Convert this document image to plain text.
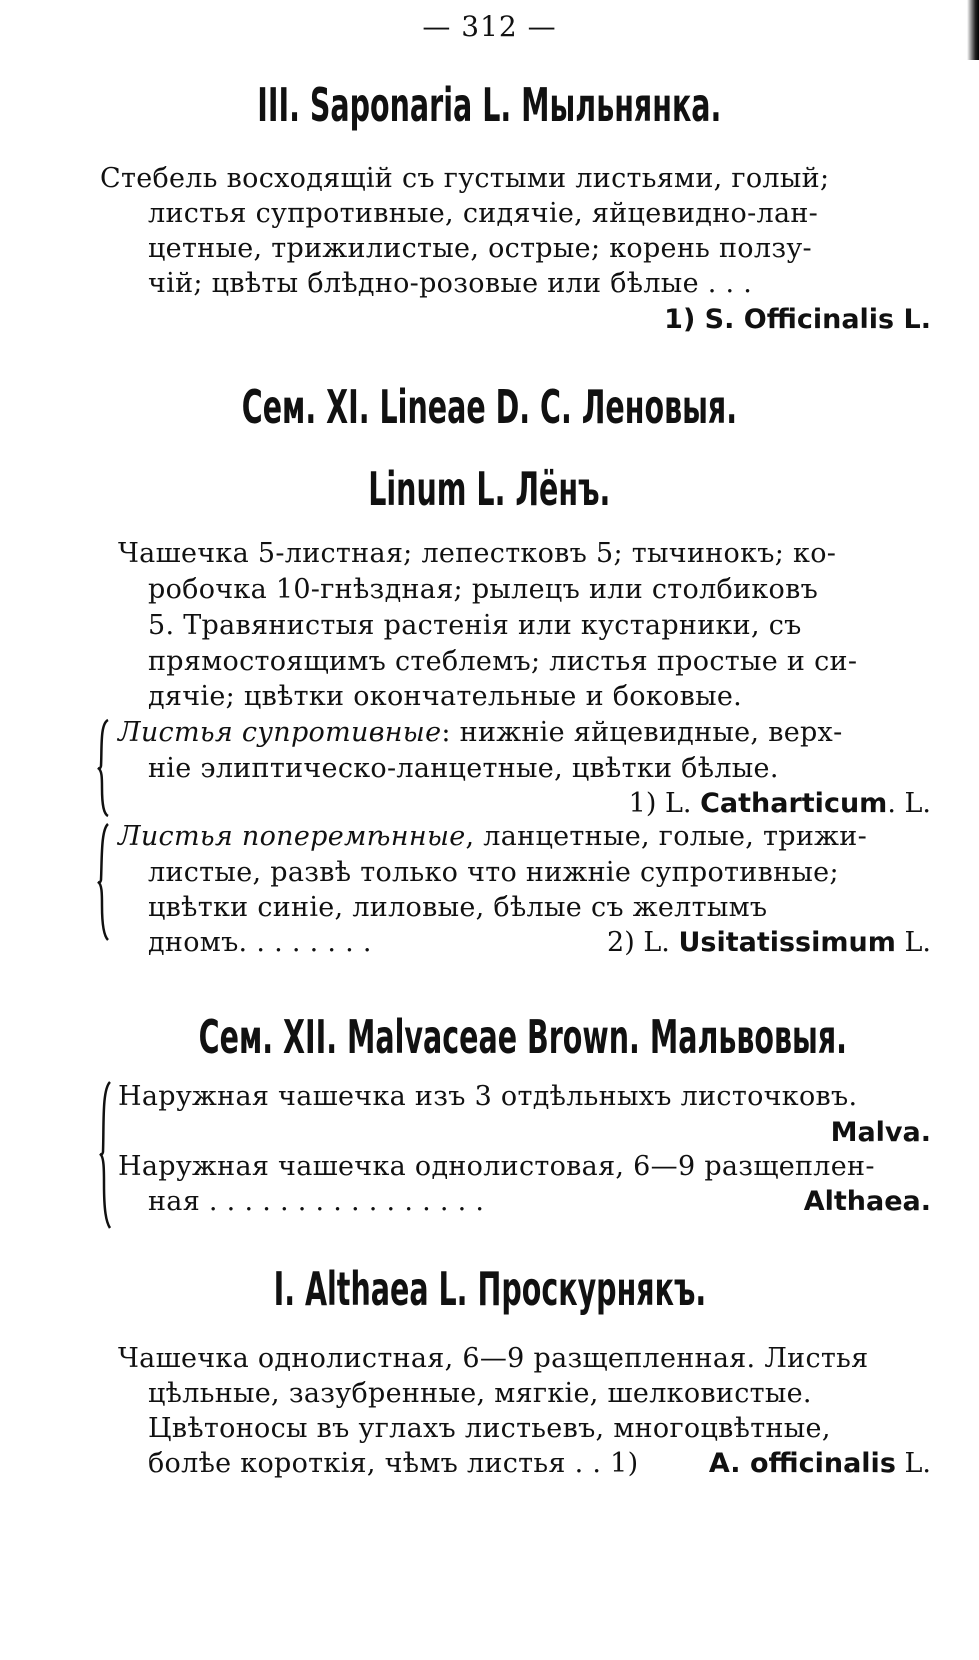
— 312 —
III. Saponaria L. Мыльнянка.
Стебель восходящій съ густыми листьями, голый;
листья супротивные, сидячіе, яйцевидно-лан-
цетные, трижилистые, острые; корень ползу-
чій; цвѣты блѣдно-розовые или бѣлые . . .
1) S. Officinalis L.
Сем. XI. Lineae D. C. Леновыя.
Linum L. Лёнъ.
Чашечка 5-листная; лепестковъ 5; тычинокъ; ко-
робочка 10-гнѣздная; рылецъ или столбиковъ
5. Травянистыя растенія или кустарники, съ
прямостоящимъ стеблемъ; листья простые и си-
дячіе; цвѣтки окончательные и боковые.
Листья супротивные: нижніе яйцевидные, верх-
ніе элиптическо-ланцетные, цвѣтки бѣлые.
1) L. Catharticum. L.
Листья поперемѣнные, ланцетные, голые, трижи-
листые, развѣ только что нижніе супротивные;
цвѣтки синіе, лиловые, бѣлые съ желтымъ
дномъ. . . . . . . .	2) L. Usitatissimum L.
Сем. XII. Malvaceae Brown. Мальвовыя.
Наружная чашечка изъ 3 отдѣльныхъ листочковъ.
Malva.
Наружная чашечка однолистовая, 6—9 разщеплен-
ная . . . . . . . . . . . . . . . .	Althaea.
I. Althaea L. Проскурнякъ.
Чашечка однолистная, 6—9 разщепленная. Листья
цѣльные, зазубренные, мягкіе, шелковистые.
Цвѣтоносы въ углахъ листьевъ, многоцвѣтные,
болѣе короткія, чѣмъ листья . . 1)	A. officinalis L.
